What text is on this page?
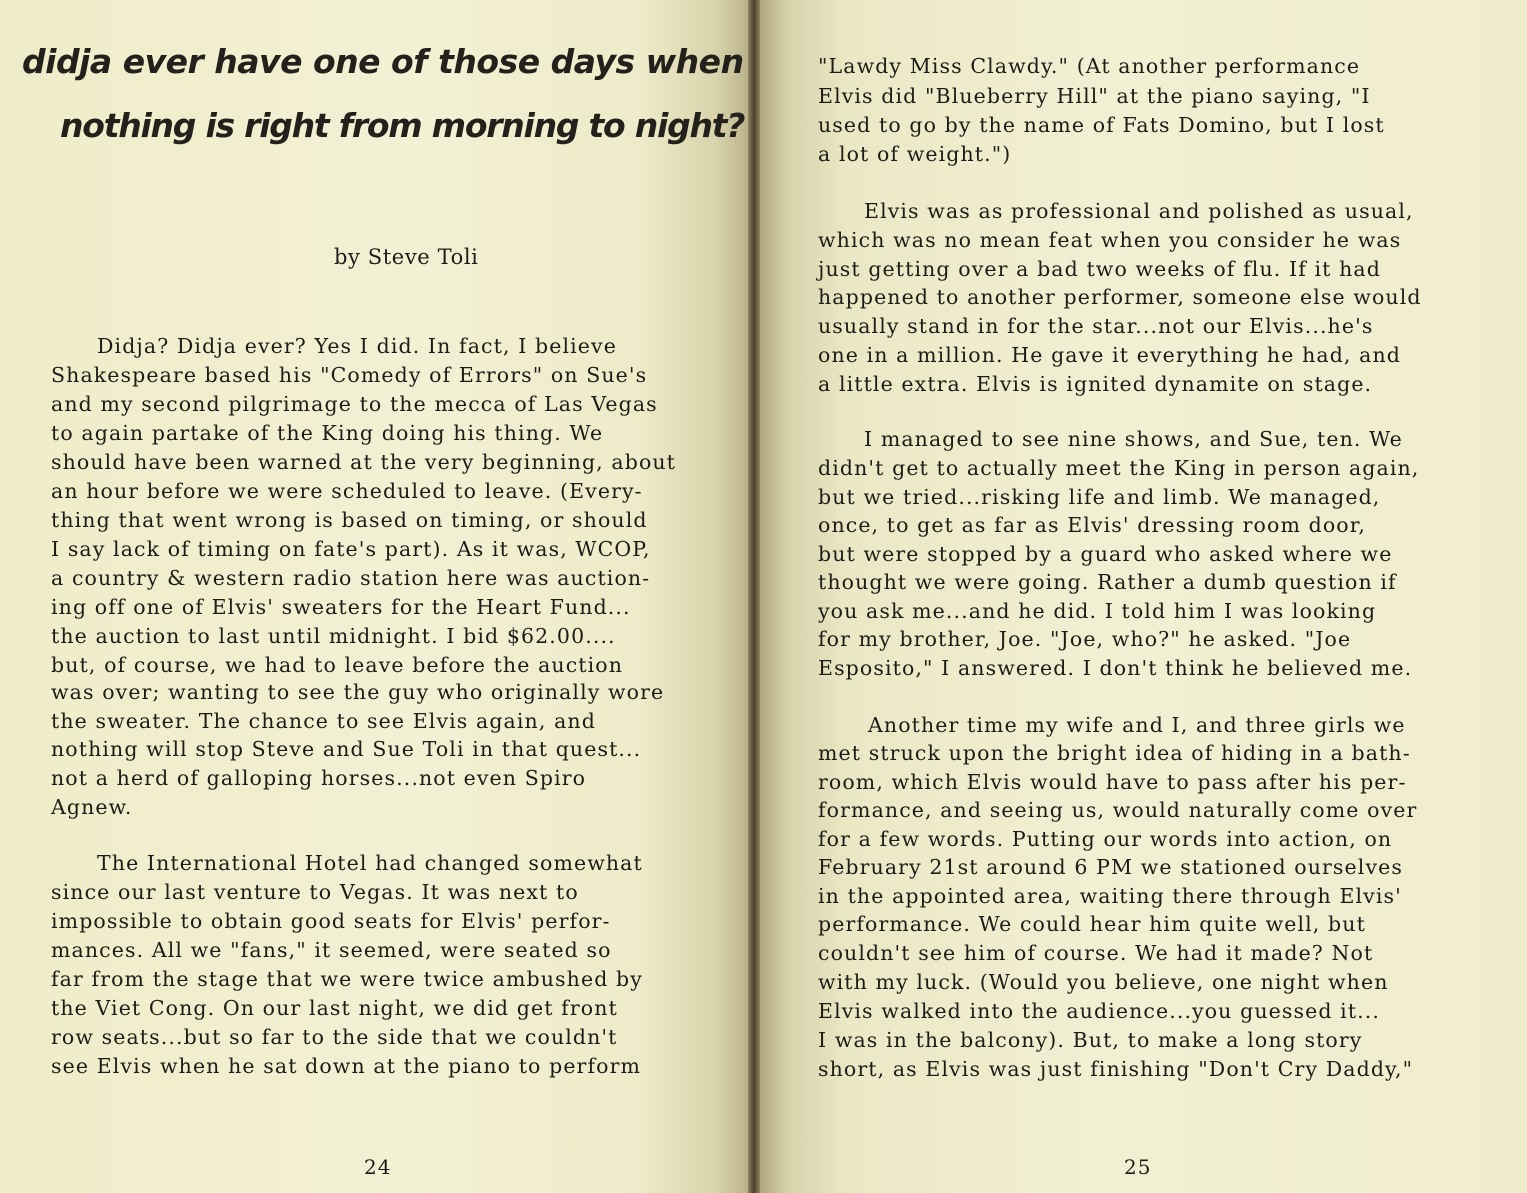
didja ever have one of those days when
nothing is right from morning to night?
by Steve Toli
Didja? Didja ever? Yes I did. In fact, I believe
Shakespeare based his "Comedy of Errors" on Sue's
and my second pilgrimage to the mecca of Las Vegas
to again partake of the King doing his thing. We
should have been warned at the very beginning, about
an hour before we were scheduled to leave. (Every-
thing that went wrong is based on timing, or should
I say lack of timing on fate's part). As it was, WCOP,
a country & western radio station here was auction-
ing off one of Elvis' sweaters for the Heart Fund...
the auction to last until midnight. I bid $62.00....
but, of course, we had to leave before the auction
was over; wanting to see the guy who originally wore
the sweater. The chance to see Elvis again, and
nothing will stop Steve and Sue Toli in that quest...
not a herd of galloping horses...not even Spiro
Agnew.
The International Hotel had changed somewhat
since our last venture to Vegas. It was next to
impossible to obtain good seats for Elvis' perfor-
mances. All we "fans," it seemed, were seated so
far from the stage that we were twice ambushed by
the Viet Cong. On our last night, we did get front
row seats...but so far to the side that we couldn't
see Elvis when he sat down at the piano to perform
24
"Lawdy Miss Clawdy." (At another performance
Elvis did "Blueberry Hill" at the piano saying, "I
used to go by the name of Fats Domino, but I lost
a lot of weight.")
Elvis was as professional and polished as usual,
which was no mean feat when you consider he was
just getting over a bad two weeks of flu. If it had
happened to another performer, someone else would
usually stand in for the star...not our Elvis...he's
one in a million. He gave it everything he had, and
a little extra. Elvis is ignited dynamite on stage.
I managed to see nine shows, and Sue, ten. We
didn't get to actually meet the King in person again,
but we tried...risking life and limb. We managed,
once, to get as far as Elvis' dressing room door,
but were stopped by a guard who asked where we
thought we were going. Rather a dumb question if
you ask me...and he did. I told him I was looking
for my brother, Joe. "Joe, who?" he asked. "Joe
Esposito," I answered. I don't think he believed me.
Another time my wife and I, and three girls we
met struck upon the bright idea of hiding in a bath-
room, which Elvis would have to pass after his per-
formance, and seeing us, would naturally come over
for a few words. Putting our words into action, on
February 21st around 6 PM we stationed ourselves
in the appointed area, waiting there through Elvis'
performance. We could hear him quite well, but
couldn't see him of course. We had it made? Not
with my luck. (Would you believe, one night when
Elvis walked into the audience...you guessed it...
I was in the balcony). But, to make a long story
short, as Elvis was just finishing "Don't Cry Daddy,"
25
